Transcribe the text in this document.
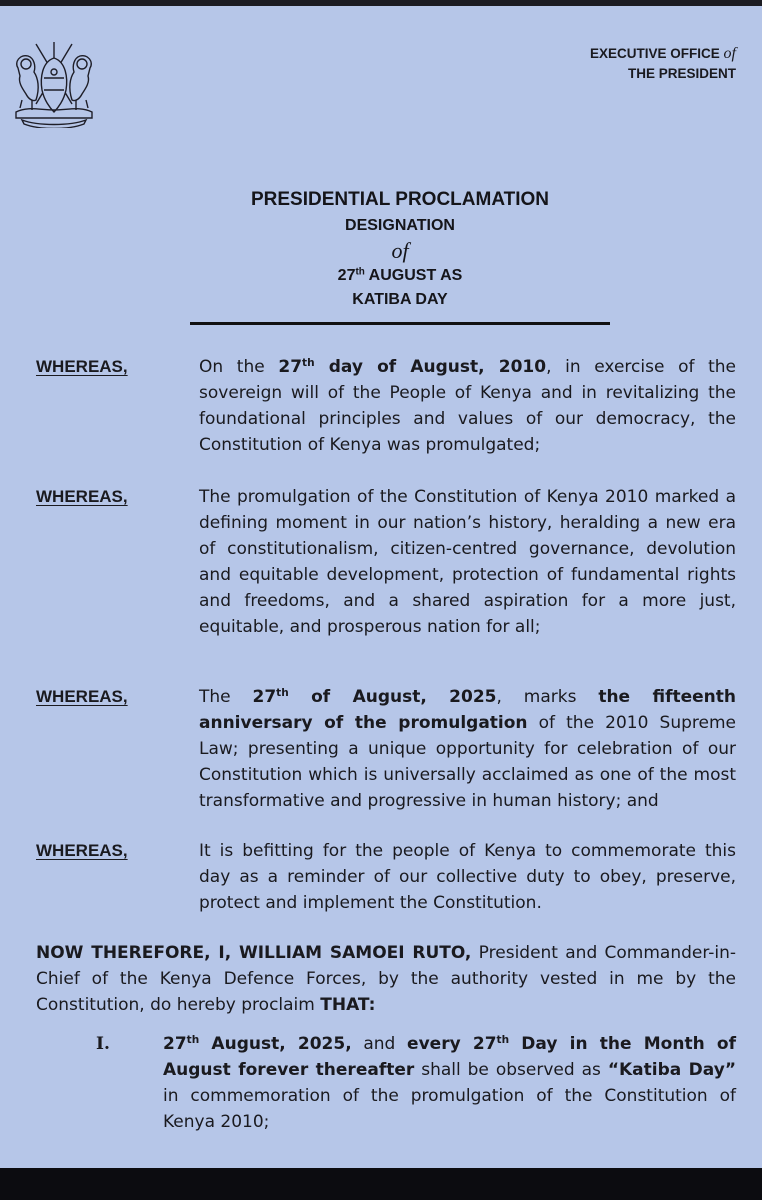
EXECUTIVE OFFICE of
THE PRESIDENT
PRESIDENTIAL PROCLAMATION
DESIGNATION
of
27th AUGUST AS
KATIBA DAY
WHEREAS,	On the 27th day of August, 2010, in exercise of the sovereign will of the People of Kenya and in revitalizing the foundational principles and values of our democracy, the Constitution of Kenya was promulgated;
WHEREAS,	The promulgation of the Constitution of Kenya 2010 marked a defining moment in our nation’s history, heralding a new era of constitutionalism, citizen-centred governance, devolution and equitable development, protection of fundamental rights and freedoms, and a shared aspiration for a more just, equitable, and prosperous nation for all;
WHEREAS,	The 27th of August, 2025, marks the fifteenth anniversary of the promulgation of the 2010 Supreme Law; presenting a unique opportunity for celebration of our Constitution which is universally acclaimed as one of the most transformative and progressive in human history; and
WHEREAS,	It is befitting for the people of Kenya to commemorate this day as a reminder of our collective duty to obey, preserve, protect and implement the Constitution.
NOW THEREFORE, I, WILLIAM SAMOEI RUTO, President and Commander-in-Chief of the Kenya Defence Forces, by the authority vested in me by the Constitution, do hereby proclaim THAT:
I.	27th August, 2025, and every 27th Day in the Month of August forever thereafter shall be observed as “Katiba Day” in commemoration of the promulgation of the Constitution of Kenya 2010;
